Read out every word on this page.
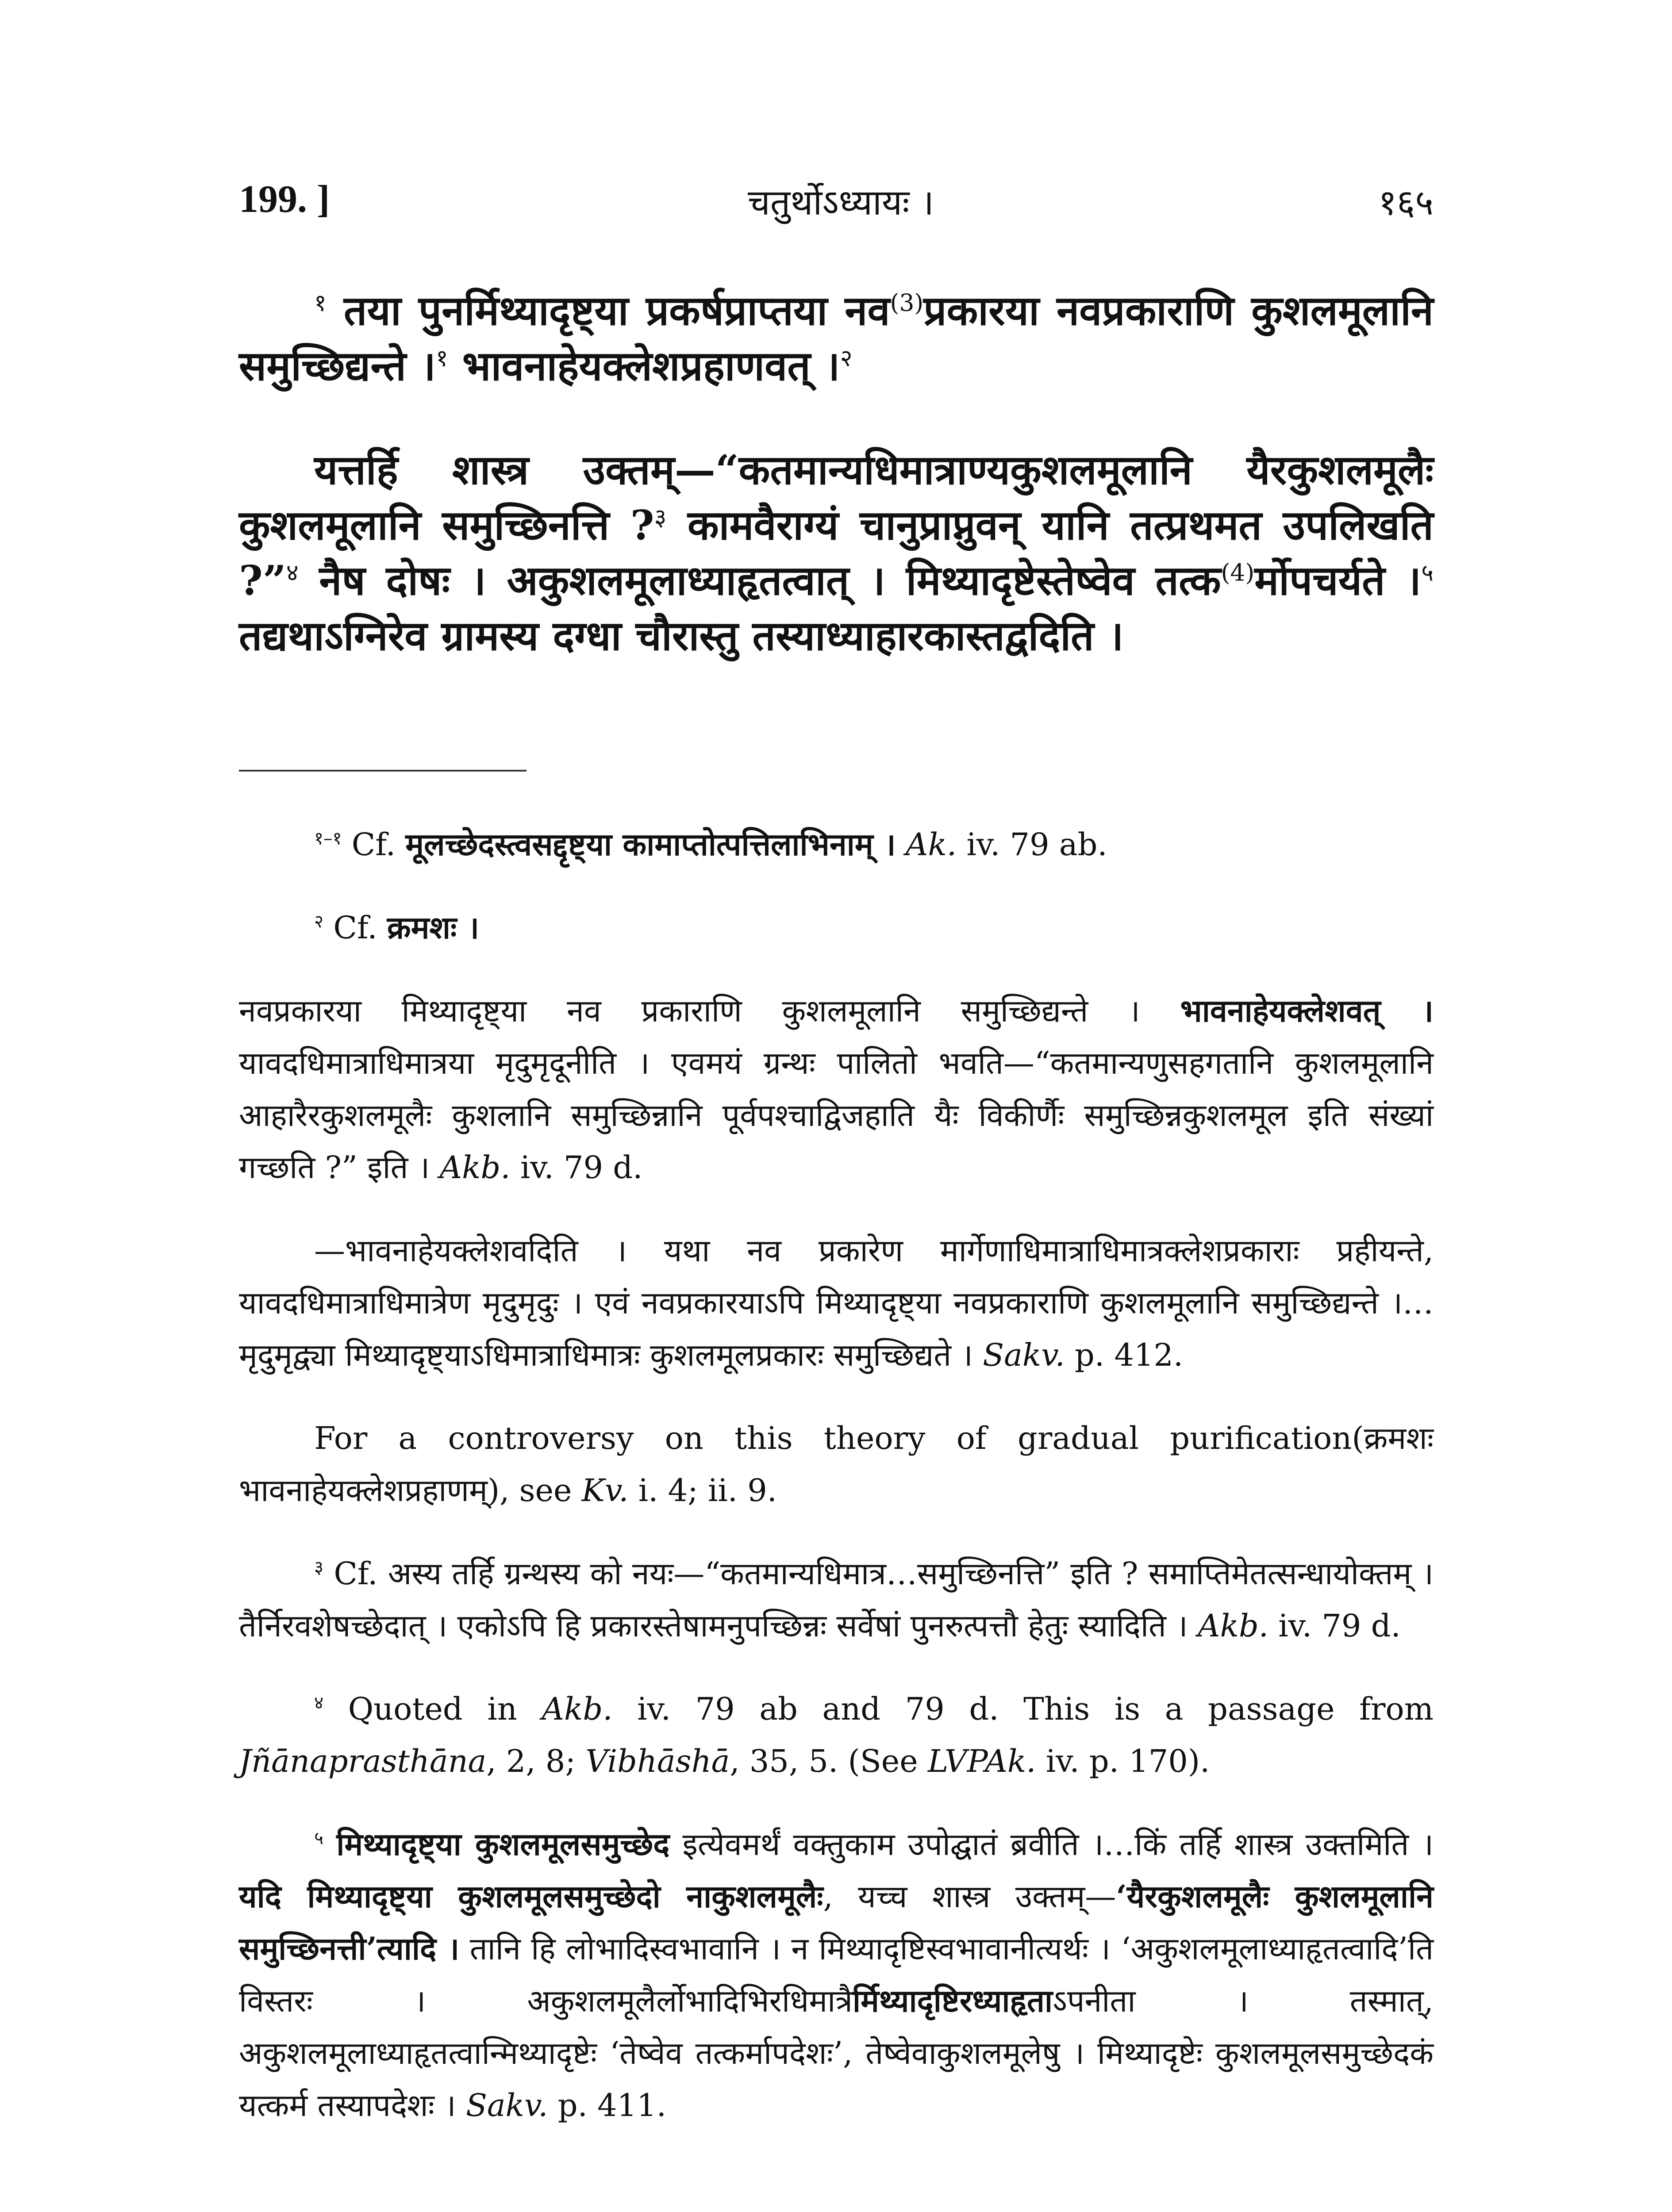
199. ]	चतुर्थोऽध्यायः ।	१६५

$^१$ तया पुनर्मिथ्यादृष्ट्या प्रकर्षप्राप्तया नव$^{(3)}$प्रकारया नवप्रकाराणि कुशलमूलानि समुच्छिद्यन्ते ।$^१$ भावनाहेयक्लेशप्रहाणवत् ।$^२$

यत्तर्हि शास्त्र उक्तम्—“कतमान्यधिमात्राण्यकुशलमूलानि यैरकुशलमूलैः कुशलमूलानि समुच्छिनत्ति ?$^३$ कामवैराग्यं चानुप्राप्नुवन् यानि तत्प्रथमत उपलिखति ?”$^४$ नैष दोषः । अकुशलमूलाध्याहृतत्वात् । मिथ्यादृष्टेस्तेष्वेव तत्क$^{(4)}$र्मोपचर्यते ।$^५$ तद्यथाऽग्निरेव ग्रामस्य दग्धा चौरास्तु तस्याध्याहारकास्तद्वदिति ।

$^{१-१}$ Cf. मूलच्छेदस्त्वसद्दृष्ट्या कामाप्तोत्पत्तिलाभिनाम् । Ak. iv. 79 ab.

$^२$ Cf. क्रमशः ।

नवप्रकारया मिथ्यादृष्ट्या नव प्रकाराणि कुशलमूलानि समुच्छिद्यन्ते । भावनाहेयक्लेशवत् । यावदधिमात्राधिमात्रया मृदुमृदूनीति । एवमयं ग्रन्थः पालितो भवति—“कतमान्यणुसहगतानि कुशलमूलानि आहारैरकुशलमूलैः कुशलानि समुच्छिन्नानि पूर्वपश्चाद्विजहाति यैः विकीर्णैः समुच्छिन्नकुशलमूल इति संख्यां गच्छति ?” इति । Akb. iv. 79 d.

—भावनाहेयक्लेशवदिति । यथा नव प्रकारेण मार्गेणाधिमात्राधिमात्रक्लेशप्रकाराः प्रहीयन्ते, यावदधिमात्राधिमात्रेण मृदुमृदुः । एवं नवप्रकारयाऽपि मिथ्यादृष्ट्या नवप्रकाराणि कुशलमूलानि समुच्छिद्यन्ते ।…मृदुमृद्व्या मिथ्यादृष्ट्याऽधिमात्राधिमात्रः कुशलमूलप्रकारः समुच्छिद्यते । Sakv. p. 412.

For a controversy on this theory of gradual purification(क्रमशः भावनाहेयक्लेशप्रहाणम्), see Kv. i. 4; ii. 9.

$^३$ Cf. अस्य तर्हि ग्रन्थस्य को नयः—“कतमान्यधिमात्र…समुच्छिनत्ति” इति ? समाप्तिमेतत्सन्धायोक्तम् । तैर्निरवशेषच्छेदात् । एकोऽपि हि प्रकारस्तेषामनुपच्छिन्नः सर्वेषां पुनरुत्पत्तौ हेतुः स्यादिति । Akb. iv. 79 d.

$^४$ Quoted in Akb. iv. 79 ab and 79 d. This is a passage from Jñānaprasthāna, 2, 8; Vibhāshā, 35, 5. (See LVPAk. iv. p. 170).

$^५$ मिथ्यादृष्ट्या कुशलमूलसमुच्छेद इत्येवमर्थं वक्तुकाम उपोद्घातं ब्रवीति ।…किं तर्हि शास्त्र उक्तमिति । यदि मिथ्यादृष्ट्या कुशलमूलसमुच्छेदो नाकुशलमूलैः, यच्च शास्त्र उक्तम्—‘यैरकुशलमूलैः कुशलमूलानि समुच्छिनत्ती’त्यादि । तानि हि लोभादिस्वभावानि । न मिथ्यादृष्टिस्वभावानीत्यर्थः । ‘अकुशलमूलाध्याहृतत्वादि’ति विस्तरः । अकुशलमूलैर्लोभादिभिरधिमात्रैर्मिथ्यादृष्टिरध्याहृताऽपनीता । तस्मात्, अकुशलमूलाध्याहृतत्वान्मिथ्यादृष्टेः ‘तेष्वेव तत्कर्मापदेशः’, तेष्वेवाकुशलमूलेषु । मिथ्यादृष्टेः कुशलमूलसमुच्छेदकं यत्कर्म तस्यापदेशः । Sakv. p. 411.
